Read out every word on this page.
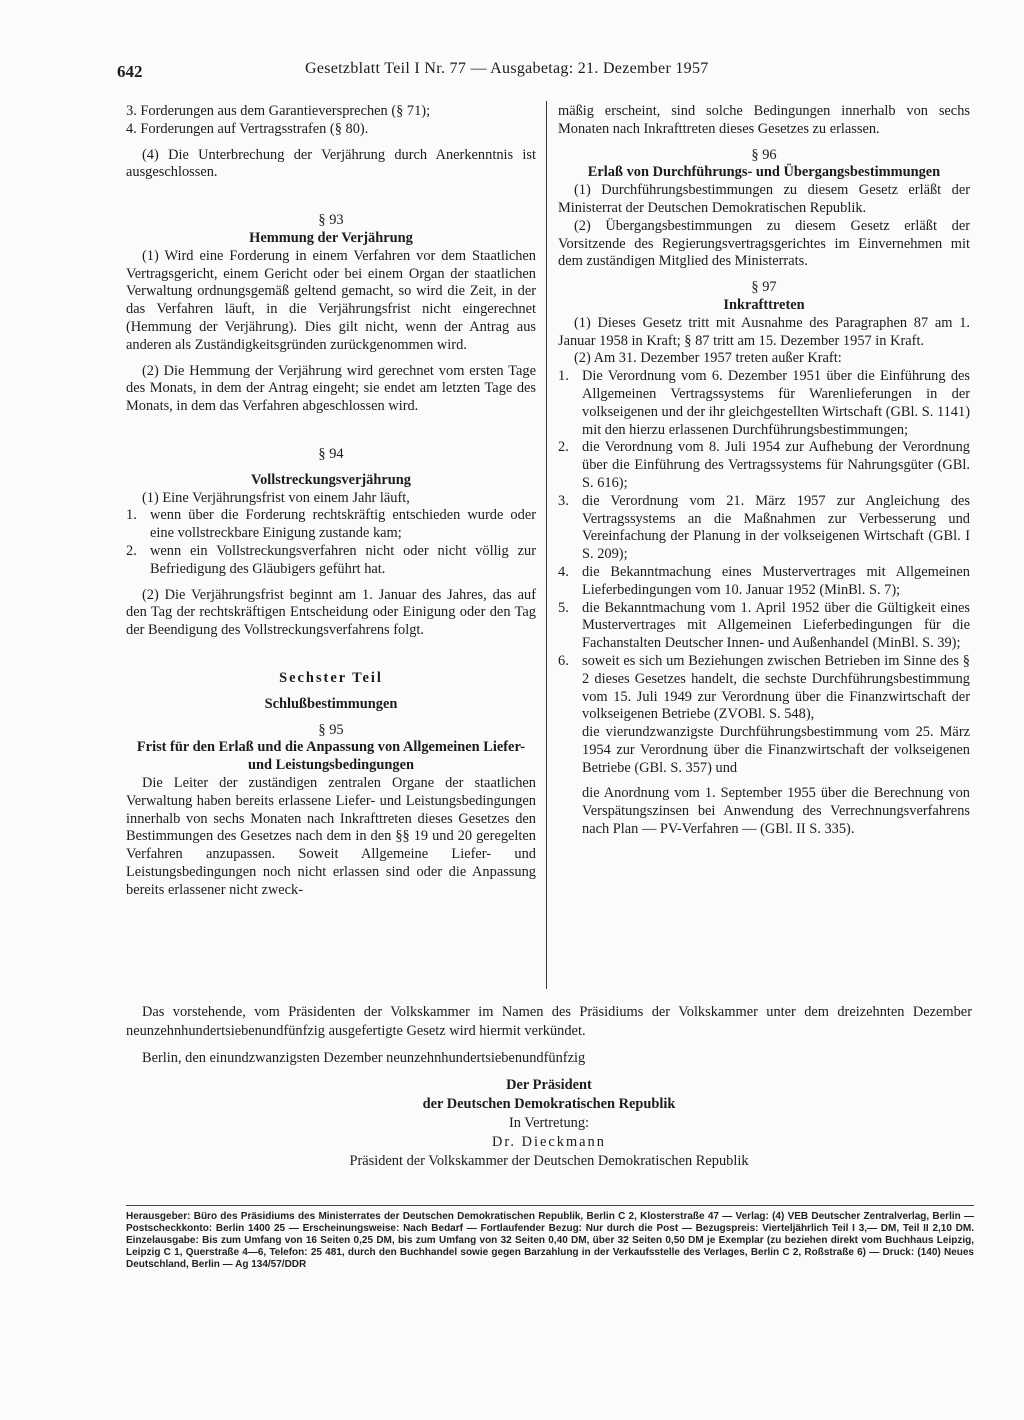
642	Gesetzblatt Teil I Nr. 77 — Ausgabetag: 21. Dezember 1957

3. Forderungen aus dem Garantieversprechen (§ 71);

4. Forderungen auf Vertragsstrafen (§ 80).

(4) Die Unterbrechung der Verjährung durch Anerkenntnis ist ausgeschlossen.

§ 93

Hemmung der Verjährung

(1) Wird eine Forderung in einem Verfahren vor dem Staatlichen Vertragsgericht, einem Gericht oder bei einem Organ der staatlichen Verwaltung ordnungsgemäß geltend gemacht, so wird die Zeit, in der das Verfahren läuft, in die Verjährungsfrist nicht eingerechnet (Hemmung der Verjährung). Dies gilt nicht, wenn der Antrag aus anderen als Zuständigkeitsgründen zurückgenommen wird.

(2) Die Hemmung der Verjährung wird gerechnet vom ersten Tage des Monats, in dem der Antrag eingeht; sie endet am letzten Tage des Monats, in dem das Verfahren abgeschlossen wird.

§ 94

Vollstreckungsverjährung

(1) Eine Verjährungsfrist von einem Jahr läuft,

1. wenn über die Forderung rechtskräftig entschieden wurde oder eine vollstreckbare Einigung zustande kam;
2. wenn ein Vollstreckungsverfahren nicht oder nicht völlig zur Befriedigung des Gläubigers geführt hat.

(2) Die Verjährungsfrist beginnt am 1. Januar des Jahres, das auf den Tag der rechtskräftigen Entscheidung oder Einigung oder den Tag der Beendigung des Vollstreckungsverfahrens folgt.

Sechster Teil

Schlußbestimmungen

§ 95

Frist für den Erlaß und die Anpassung von Allgemeinen Liefer- und Leistungsbedingungen

Die Leiter der zuständigen zentralen Organe der staatlichen Verwaltung haben bereits erlassene Liefer- und Leistungsbedingungen innerhalb von sechs Monaten nach Inkrafttreten dieses Gesetzes den Bestimmungen des Gesetzes nach dem in den §§ 19 und 20 geregelten Verfahren anzupassen. Soweit Allgemeine Liefer- und Leistungsbedingungen noch nicht erlassen sind oder die Anpassung bereits erlassener nicht zweck-

mäßig erscheint, sind solche Bedingungen innerhalb von sechs Monaten nach Inkrafttreten dieses Gesetzes zu erlassen.

§ 96

Erlaß von Durchführungs- und Übergangsbestimmungen

(1) Durchführungsbestimmungen zu diesem Gesetz erläßt der Ministerrat der Deutschen Demokratischen Republik.

(2) Übergangsbestimmungen zu diesem Gesetz erläßt der Vorsitzende des Regierungsvertragsgerichtes im Einvernehmen mit dem zuständigen Mitglied des Ministerrats.

§ 97

Inkrafttreten

(1) Dieses Gesetz tritt mit Ausnahme des Paragraphen 87 am 1. Januar 1958 in Kraft; § 87 tritt am 15. Dezember 1957 in Kraft.

(2) Am 31. Dezember 1957 treten außer Kraft:

1. Die Verordnung vom 6. Dezember 1951 über die Einführung des Allgemeinen Vertragssystems für Warenlieferungen in der volkseigenen und der ihr gleichgestellten Wirtschaft (GBl. S. 1141) mit den hierzu erlassenen Durchführungsbestimmungen;
2. die Verordnung vom 8. Juli 1954 zur Aufhebung der Verordnung über die Einführung des Vertragssystems für Nahrungsgüter (GBl. S. 616);
3. die Verordnung vom 21. März 1957 zur Angleichung des Vertragssystems an die Maßnahmen zur Verbesserung und Vereinfachung der Planung in der volkseigenen Wirtschaft (GBl. I S. 209);
4. die Bekanntmachung eines Mustervertrages mit Allgemeinen Lieferbedingungen vom 10. Januar 1952 (MinBl. S. 7);
5. die Bekanntmachung vom 1. April 1952 über die Gültigkeit eines Mustervertrages mit Allgemeinen Lieferbedingungen für die Fachanstalten Deutscher Innen- und Außenhandel (MinBl. S. 39);
6. soweit es sich um Beziehungen zwischen Betrieben im Sinne des § 2 dieses Gesetzes handelt, die sechste Durchführungsbestimmung vom 15. Juli 1949 zur Verordnung über die Finanzwirtschaft der volkseigenen Betriebe (ZVOBl. S. 548),

die vierundzwanzigste Durchführungsbestimmung vom 25. März 1954 zur Verordnung über die Finanzwirtschaft der volkseigenen Betriebe (GBl. S. 357) und

die Anordnung vom 1. September 1955 über die Berechnung von Verspätungszinsen bei Anwendung des Verrechnungsverfahrens nach Plan — PV-Verfahren — (GBl. II S. 335).

Das vorstehende, vom Präsidenten der Volkskammer im Namen des Präsidiums der Volkskammer unter dem dreizehnten Dezember neunzehnhundertsiebenundfünfzig ausgefertigte Gesetz wird hiermit verkündet.

Berlin, den einundzwanzigsten Dezember neunzehnhundertsiebenundfünfzig

Der Präsident

der Deutschen Demokratischen Republik

In Vertretung:

Dr. Dieckmann

Präsident der Volkskammer der Deutschen Demokratischen Republik

Herausgeber: Büro des Präsidiums des Ministerrates der Deutschen Demokratischen Republik, Berlin C 2, Klosterstraße 47 — Verlag: (4) VEB Deutscher Zentralverlag, Berlin — Postscheckkonto: Berlin 1400 25 — Erscheinungsweise: Nach Bedarf — Fortlaufender Bezug: Nur durch die Post — Bezugspreis: Vierteljährlich Teil I 3,— DM, Teil II 2,10 DM. Einzelausgabe: Bis zum Umfang von 16 Seiten 0,25 DM, bis zum Umfang von 32 Seiten 0,40 DM, über 32 Seiten 0,50 DM je Exemplar (zu beziehen direkt vom Buchhaus Leipzig, Leipzig C 1, Querstraße 4—6, Telefon: 25 481, durch den Buchhandel sowie gegen Barzahlung in der Verkaufsstelle des Verlages, Berlin C 2, Roßstraße 6) — Druck: (140) Neues Deutschland, Berlin — Ag 134/57/DDR
